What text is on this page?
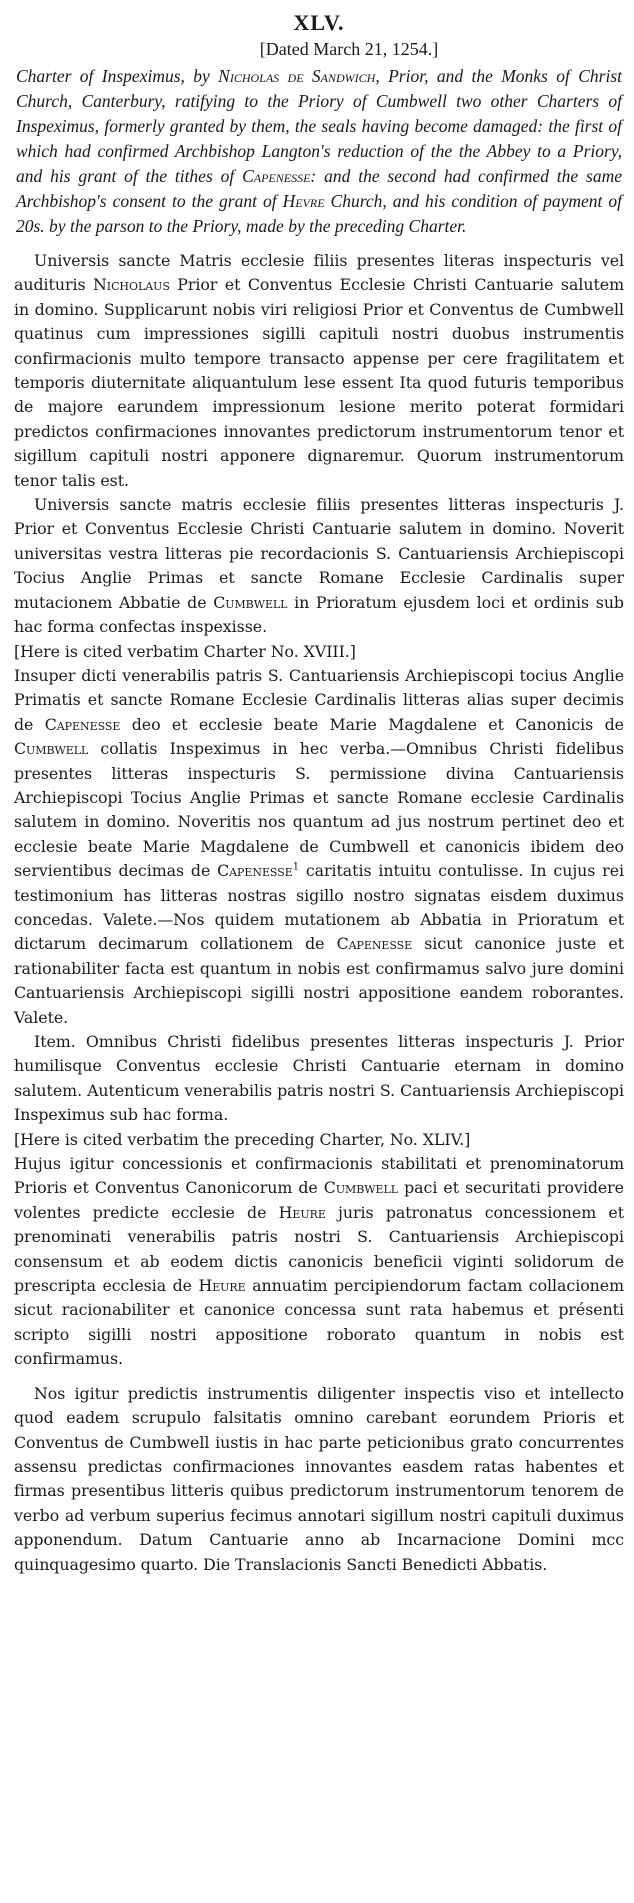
XLV.
[Dated March 21, 1254.]
Charter of Inspeximus, by Nicholas de Sandwich, Prior, and the Monks of Christ Church, Canterbury, ratifying to the Priory of Cumbwell two other Charters of Inspeximus, formerly granted by them, the seals having become damaged: the first of which had confirmed Archbishop Langton's reduction of the the Abbey to a Priory, and his grant of the tithes of Capenesse: and the second had confirmed the same Archbishop's consent to the grant of Hevre Church, and his condition of payment of 20s. by the parson to the Priory, made by the preceding Charter.

Universis sancte Matris ecclesie filiis presentes literas inspecturis vel audituris Nicholaus Prior et Conventus Ecclesie Christi Cantuarie salutem in domino. Supplicarunt nobis viri religiosi Prior et Conventus de Cumbwell quatinus cum impressiones sigilli capituli nostri duobus instrumentis confirmacionis multo tempore transacto appense per cere fragilitatem et temporis diuternitate aliquantulum lese essent Ita quod futuris temporibus de majore earundem impressionum lesione merito poterat formidari predictos confirmaciones innovantes predictorum instrumentorum tenor et sigillum capituli nostri apponere dignaremur. Quorum instrumentorum tenor talis est.

Universis sancte matris ecclesie filiis presentes litteras inspecturis J. Prior et Conventus Ecclesie Christi Cantuarie salutem in domino. Noverit universitas vestra litteras pie recordacionis S. Cantuariensis Archiepiscopi Tocius Anglie Primas et sancte Romane Ecclesie Cardinalis super mutacionem Abbatie de Cumbwell in Prioratum ejusdem loci et ordinis sub hac forma confectas inspexisse.

[Here is cited verbatim Charter No. XVIII.]

Insuper dicti venerabilis patris S. Cantuariensis Archiepiscopi tocius Anglie Primatis et sancte Romane Ecclesie Cardinalis litteras alias super decimis de Capenesse deo et ecclesie beate Marie Magdalene et Canonicis de Cumbwell collatis Inspeximus in hec verba.—Omnibus Christi fidelibus presentes litteras inspecturis S. permissione divina Cantuariensis Archiepiscopi Tocius Anglie Primas et sancte Romane ecclesie Cardinalis salutem in domino. Noveritis nos quantum ad jus nostrum pertinet deo et ecclesie beate Marie Magdalene de Cumbwell et canonicis ibidem deo servientibus decimas de Capenesse$^1$ caritatis intuitu contulisse. In cujus rei testimonium has litteras nostras sigillo nostro signatas eisdem duximus concedas. Valete.—Nos quidem mutationem ab Abbatia in Prioratum et dictarum decimarum collationem de Capenesse sicut canonice juste et rationabiliter facta est quantum in nobis est confirmamus salvo jure domini Cantuariensis Archiepiscopi sigilli nostri appositione eandem roborantes. Valete.

Item. Omnibus Christi fidelibus presentes litteras inspecturis J. Prior humilisque Conventus ecclesie Christi Cantuarie eternam in domino salutem. Autenticum venerabilis patris nostri S. Cantuariensis Archiepiscopi Inspeximus sub hac forma.

[Here is cited verbatim the preceding Charter, No. XLIV.]

Hujus igitur concessionis et confirmacionis stabilitati et prenominatorum Prioris et Conventus Canonicorum de Cumbwell paci et securitati providere volentes predicte ecclesie de Heure juris patronatus concessionem et prenominati venerabilis patris nostri S. Cantuariensis Archiepiscopi consensum et ab eodem dictis canonicis beneficii viginti solidorum de prescripta ecclesia de Heure annuatim percipiendorum factam collacionem sicut racionabiliter et canonice concessa sunt rata habemus et présenti scripto sigilli nostri appositione roborato quantum in nobis est confirmamus.

Nos igitur predictis instrumentis diligenter inspectis viso et intellecto quod eadem scrupulo falsitatis omnino carebant eorundem Prioris et Conventus de Cumbwell iustis in hac parte peticionibus grato concurrentes assensu predictas confirmaciones innovantes easdem ratas habentes et firmas presentibus litteris quibus predictorum instrumentorum tenorem de verbo ad verbum superius fecimus annotari sigillum nostri capituli duximus apponendum. Datum Cantuarie anno ab Incarnacione Domini mcc quinquagesimo quarto. Die Translacionis Sancti Benedicti Abbatis.
